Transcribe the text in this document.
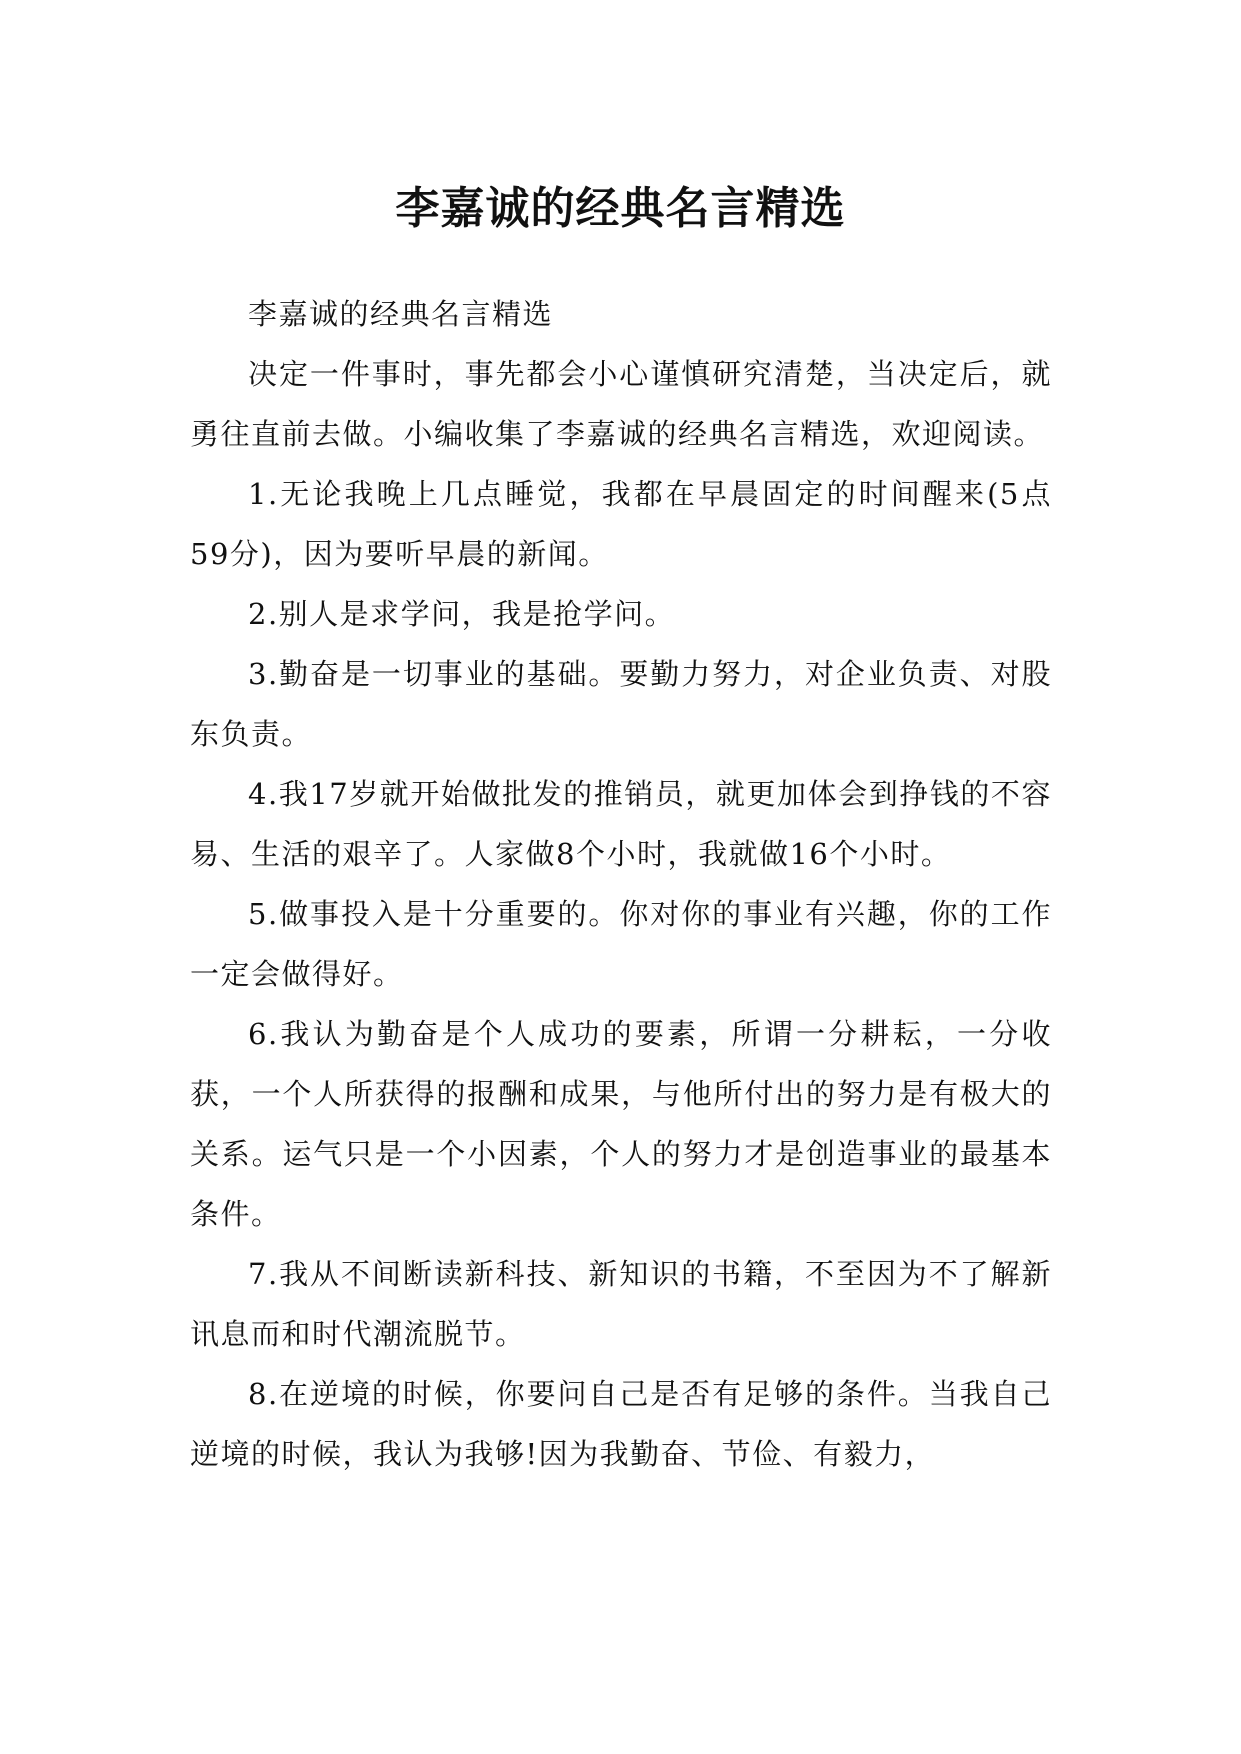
李嘉诚的经典名言精选

李嘉诚的经典名言精选

决定一件事时，事先都会小心谨慎研究清楚，当决定后，就勇往直前去做。小编收集了李嘉诚的经典名言精选，欢迎阅读。

1.无论我晚上几点睡觉，我都在早晨固定的时间醒来(5点59分)，因为要听早晨的新闻。

2.别人是求学问，我是抢学问。

3.勤奋是一切事业的基础。要勤力努力，对企业负责、对股东负责。

4.我17岁就开始做批发的推销员，就更加体会到挣钱的不容易、生活的艰辛了。人家做8个小时，我就做16个小时。

5.做事投入是十分重要的。你对你的事业有兴趣，你的工作一定会做得好。

6.我认为勤奋是个人成功的要素，所谓一分耕耘，一分收获，一个人所获得的报酬和成果，与他所付出的努力是有极大的关系。运气只是一个小因素，个人的努力才是创造事业的最基本条件。

7.我从不间断读新科技、新知识的书籍，不至因为不了解新讯息而和时代潮流脱节。

8.在逆境的时候，你要问自己是否有足够的条件。当我自己逆境的时候，我认为我够!因为我勤奋、节俭、有毅力，
